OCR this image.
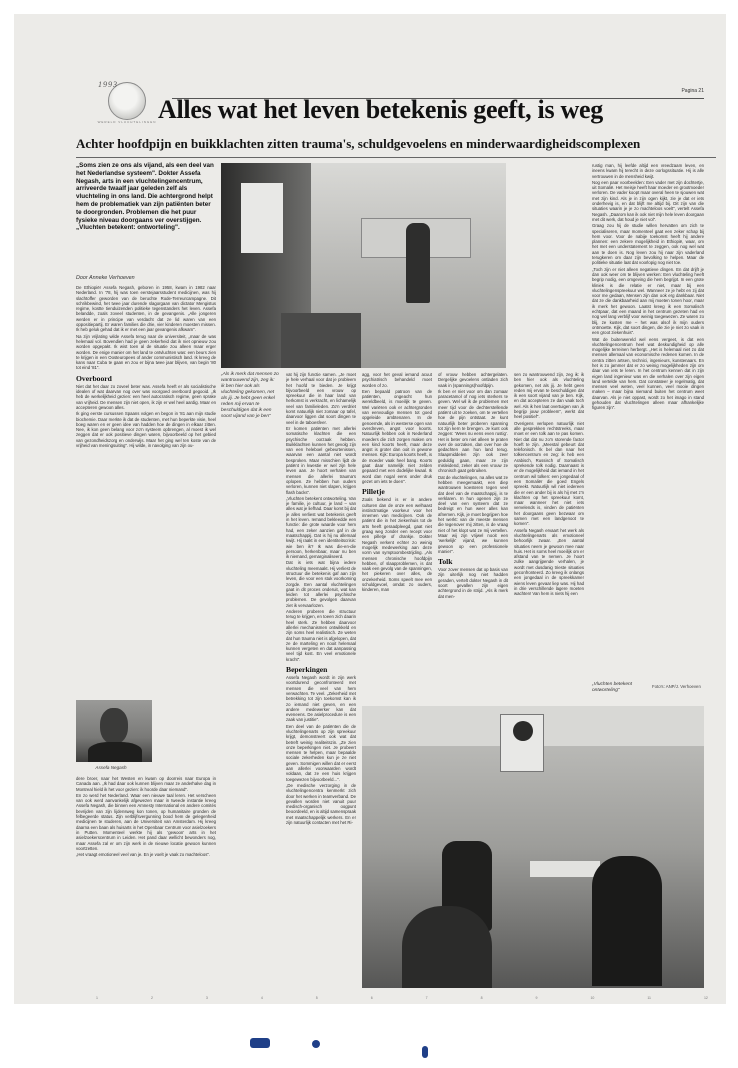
1993
WERELD VLUCHTELINGEN
Pagina 21
Alles wat het leven betekenis geeft, is weg
Achter hoofdpijn en buikklachten zitten trauma's, schuldgevoelens en minderwaardigheidscomplexen
„Soms zien ze ons als vijand, als een deel van het Nederlandse systeem". Dokter Assefa Negash, arts in een vluchtelingencentrum, arriveerde twaalf jaar geleden zelf als vluchteling in ons land. Die achtergrond helpt hem de problematiek van zijn patiënten beter te doorgronden. Problemen die het puur fysieke niveau doorgaans ver overstijgen. „Vluchten betekent: ontworteling".
Door Anneke Verhoeven

De Ethiopiër Assefa Negash, geboren in 1958, kwam in 1982 naar Nederland. In '78, hij was toen eerstejaarsstudent medicijnen, was hij slachtoffer geworden van de beruchte Rode-Terreurcampagne. Dit schrikbewind, het twee jaar durende slagorgaan van dictator Mengistus regime, kostte tienduizenden politieke tegenstanders het leven. Assefa belandde, zoals zoveel studenten, in de gevangenis. „Alle jongeren werden er in principe van verdacht dat ze lid waren van een oppositiepartij. Er waren families die drie, vier kinderen moesten missen. Ik heb geluk gehad dat ik er met een jaar gevangenis afkwam".

Na zijn vrijlating wilde Assefa terug naar de universiteit, „maar de was helemaal vol. Bovendien had je geen zekerheid dat ik niet opnieuw zou worden opgepakt. Ik wist toen al de situatie zou alleen maar erger worden. De enige manier om het land te ontvluchten was: een beurs zien te krijgen in een Oosteuropees of ander communistisch land. Ik kreeg de kans naar Cuba te gaan en zou er bijna twee jaar blijven, van begin '80 tot eind '81".

Overboord

Niet dat het daar zo zoveel beter was. Assefa heeft er als socialistische idealen of wat daarvan nog over was voorgoed overboord gegooid. „Ik heb de werkelijkheid gezien: een heel autocratisch regime, geen sprake van vrijheid. De mensen zijn niet open, ik zijn er wel heel aardig. Maar en accepteren gewoon alles.

Ik ging eerste cursussen Spaans volgen en begon in '81 aan mijn studie biochemie. Daar merkte ik dat de studenten, met hun beperkte visie, heel boeg waren en er geen idee van hadden hoe de dingen in elkaar zitten. Nee, ik kon geen belang voor zo'n systeem opbrengen, al moest ik wel zeggen dat er ook positieve dingen waren, bijvoorbeeld op het gebied van gezondheidszorg en onderwijs. Maar het ging wel ten koste van de vrijheid van meningsuiting". Hij wilde, in navolging van zijn ou-

Assefa Negash

dere broer, naar het Westen en kwam op doorreis naar Europa in Canada aan. „Ik had daar ook kunnen blijven maar ze anderhalve dag in Montreal hield ik het voor gezien: ik hoorde daar niemand".

En zo werd het Nederland. Waar een nieuwe taal leren. Het verscheen van ook werd aanvankelijk afgewezen maar in tweede instantie kreeg Assefa Negash, die binnen een Amnesty International en andere comités bevrijden van zijn lijdensweg kon tonen, op humanitaire gronden de felbegeerde status. Zijn verblijfsvergunning bood hem de gelegenheid medicijnen te studeren, aan de Universiteit van Amsterdam. Hij kreeg daarna een baan als huisarts in het Openbaar Centrum voor asielzoekers in Putten. Momenteel werkte hij als 'gewoon' arts in het asielzoekerscentrum in Leiden. Het pand daar wellicht bewonders nog, maar Assefa zal er om zijn werk in de nieuwe locatie gewoon kunnen voortzetten.

„Het vraagt emotioneel veel van je. En je voelt je vaak zo machteloos".

„Als ik merk dat mensen zo wantrouwend zijn, zeg ik: ik ben hier ook als vluchteling gekomen, net als jij. Je hebt geen enkel reden mij ervan te beschuldigen dat ik een soort vijand van je ben"

vat hij zijn functie samen. „Je moet je hele verhaal voor dat je probleem het hoofd te bieden. Je krijgt bijvoorbeeld een vrouw op spreekuur die in haar land van herkomst is verkracht, en lichamelijk veel van familieleden. Zo'n verdriet komt natuurlijk niet zomaar op tafel, daarvoor liggen dat soort dingen te veel in de taboesfeer.

Er komen patiënten met allerlei somatische klachten die een psychische oorzaak hebben. Buikklachten kunnen het gevolg zijn van een heleboel gebeurtenissen, waarvan een aantal niet wordt besproken. Maar misschien lijdt de patiënt in kwestie er wel zijn hele leven aan. Je hoort verhalen van mensen die allerlei trauma's oplopen. Ze hebben hun ouders verloren, kunnen niet slapen, krijgen flash backs".

„Vluchten betekent ontworteling. Van je familie, je cultuur, je land – van alles wat je liefhad. Daar komt bij dat je alles verliest wat betekenis geeft in het leven. Iemand bekleedde een functie: die grote waarde voor hem had, een zeker aanzien gaf in de maatschappij. Dat is hij nu allemaal kwijt. Hij raakt in een identiteitscrisis: wie ben ik? Ik was die-en-die persoon, herkenbaar, maar nu ben ik niemand, gemarginaliseerd.

Dat is iets wat bijna iedere vluchteling meemaakt. Hij verliest de structuur die betekenis gaf aan zijn leven, die voor een stuk voorkoming zorgde. Een aantal vluchtelingen gaat in dit proces onderuit, wat kan leiden tot allerlei psychische problemen. De gevolgen daarvan ziet ik vervaarlozen.

Anderen proberen die structuur terug te krijgen, en toeen zich daarin heel sterk. Ze hebben daarvoor allerlei mechanismen ontwikkeld en zijn soms heel realistisch. Ze weten dat hun trauma niet is afgelopen, dat ze de marteling en nooit helemaal kunnen vergeten en dat aanpassing veel tijd kost. En veel emotionele kracht".

Beperkingen

Assefa Negash wordt in zijn werk voortdurend geconfronteerd met mensen die veel van hem verwachten. Te veel. „Zekerheid met betrekking tot zijn toekomst kan ik zo iemand niet geven, en een andere medewerker kan dat eveneens. De asielprocedure is een zaak van justitie".

Een deel van de patiënten die de vluchtelingenarts op zijn spreekuur krijgt, demonstreert ook wat dat betreft weinig realiteitszin. „Ze zien onze beperkingen niet. Je probeert mensen te helpen, maar bepaalde sociale zekerheden kun je ze niet geven. Sommigen willen dat er eerst aan allerlei voorwaarden wordt voldaan, dat ze een huis krijgen toegewezen bijvoorbeeld...".

„De medische verzorging in de vluchtelingencentra kenmerkt zich door het werken in teamverband. De gevallen worden niet vanuit puur medisch-organisch oogpunt beoordeeld, en is altijd samenspraak met maatschappelijk werkers. En er zijn natuurlijk contacten met het Ri-

agg, voor het geval iemand acuut psychiatrisch behandeld moet worden of zo.

Een bepaald patroon van de patiënten, ongeacht hun wereldbeeld, is moeilijk te geven. Wel variëren ook er achtergronden van eenvoudige mensen tot goed opgeleide ambtenaren. In de genoemde, als in westerse ogen van overdreven, angst voor koorts. Natuurlijk hebben ook in Nederland moeders die zich zorgen maken om een kind koorts heeft, maar deze angst is groter dan ooit in gewone mensen. Kijk: Europa koorts heeft, is de moeder vaak heel bang. Koorts gaat daar namelijk niet zelden gepaard met een dodelijke kwaal. Ik word dan nogal eens onder druk gezet om iets te doen".

Pilletje

Zoals bekend is er in andere culturen dan de onze een welhaast instinctmatige voorkeur voor het innemen van medicijnen. Ook de patiënt die in het ziekenhuis tot de arts heeft geraadpleegd, gaat niet graag weg zonder een recept voor een pilletje of drankje. Dokter Negash verkent echter zo weinig mogelijk medewerking aan deze vorm van symptoombestrijding. „Als mensen chronische hoofdpijn hebben, of slaapproblemen, is dat vaak een gevolg van de spanningen, het piekeren over alles, de onzekerheid. Soms speelt mee een schuldgevoel, omdat zo ouders, kinderen, man

of vrouw hebben achtergelaten. Dergelijke gevoelens ontladen zich vaak in (spannings)hoofdpijn.

Ik ben er niet voor om dan zomaar paracetamol of nog iets sterkers te geven. Wel wil ik de problemen met meer tijd voor de dechterstellende patiënt uit te zoeken, om te vertellen hoe de pijn ontstaat. Je kunt natuurlijk beter proberen spanning tot zijn kern te brengen. Je kunt ook zeggen: ‘Wees nu eens even rustig’. Het is beter om niet alleen te praten over de oorzaken, dan over hoe de gedachten aan hun land terug. Slaapmiddelen zijn ook zeer geduldig gaan, maar ze zijn misleidend, zeker als een vrouw ze chronisch gaat gebruiken.

Dat de vluchtelingen, na alles wat ze hebben meegemaakt, een diep wantrouwen koesteren tegen veel dat deel van de maatschappij, is te verklaren. In hun ogenen zijn ze deel van een systeem dat ze bedreigt en hun weer alles kan afnemen. Kijk, je moet begrijpen hoe het werkt: van de meeste mensen die tegenover mij zitten, is de vraag niet of het klopt wat ze mij vertellen. Maar wij zijn vrijwel nooit een ‘werkelijk’ vijand, we kunnen gewoon op een professionele manier".

Tolk

Voor zover mensen dat op basis van zijn uiterlijk nog niet hadden geraden, vertelt dokter Negash in dit soort gevallen zijn eigen achtergrond in de strijd. „Als ik merk dat men-

sen zo wantrouwend zijn, zeg ik: ik ben hier ook als vluchteling gekomen, net als jij. Je hebt geen reden mij ervan te beschuldigen dat ik een soort vijand van je ben. Kijk, en dat accepteren ze dan vaak toch wel. Als ik hen laat overtuigen van ‚ik begrijp jouw probleem", werkt dat heel positief".

Overigens verlopen natuurlijk niet alle gesprekken rechtstreeks, maar moet er een tolk aan te pas komen. Niet dat dat nu zo'n storende factor hoeft te zijn. „Meestal gebeurt dat telefonisch. Ik bel dan naar het tolkencentrum en zeg: ik heb een Arabisch, Russisch of Somalisch sprekende tolk nodig. Daarnaast is er de mogelijkheid dat iemand in het centrum wil tolken: een jongedaal of een Somaliër die goed Engels spreekt. Natuurlijk wil niet iedereen die er een ander bij is als hij met z'n klachten op het spreekuur komt, maar wanneer het niet iets vervelends is, vinden de patiënten het doorgaans geen bezwaar om samen met een landgenoot te komen".

Assefa Negash ervaart het werk als vluchtelingenarts als emotioneel behoorlijk zwaar. „Een aantal situaties neem je gewoon mee naar huis. Het is soms heel moeilijk om er afstand van te nemen. Je hoort zulke aangrijpende verhalen, je wordt met dusdanig trieste situaties geconfronteerd. Zo kreeg ik onlangs een jongedaal in de spreekkamer wiens leven gevaar liep was. Hij had in drie verschillende lagere moeten wachten! Van hem is niets hij een

rustig man, hij leefde altijd een vreedzaam leven, en ineens kwam hij terecht in deze oorlogssituatie. Hij is alle vertrouwen in de mensheid kwijt.

Nog een paar voorbeelden: Een vader met zijn dochtertje, uit Somalië. Het meisje heeft haar moeder en grootmoeder verloren. De vader koopt maar overal heen te sjouwen wat met zijn kind. Als je in zijn ogen kijkt, zie je dat er iets onderhevig is, en dat blijft me altijd bij. Dit zijn van die situaties waarin je je zo machteloos voelt", vertelt Assefa Negash. „Daarom kan ik ook niet mijn hele leven doorgaan met dit werk, dat houd je niet vol".

Graag zou hij de studie willen hervatten om zich te specialiseren, maar momenteel gaat een zeker schap bij hem voor. Voor de nabije toekomst heeft hij andere plannen: een zekere mogelijkheid in Ethiopië, waar, om het met een understatement te zeggen, ook nog wel wat aan te doen is. Nog leven zou hij naar zijn vaderland terugkeren om daar zijn bevolking te helpen. Maar de politieke situatie laat dat voorlopig nog niet toe.

„Toch zijn er niet alleen negatieve dingen. En dat drijft je dan ook weer om te blijven werken: Een vluchteling heeft begrip nodig, een omgeving die hem begrijpt. In een grote kliniek is die relatie er niet, maar bij een vluchtelingenspreekuur wel. Wanneer ze je hebt en zij dat voor me gedaan, Mensen zijn dan ook erg dankbaar. Niet dat ze die dankbaarheid aan mij moeten tonen hoor, maar ik merk het gewoon. Laatst kreeg ik een Somalisch echtpaar, dat een maand in het centrum gezeten had en nog wel lang verblijf voor weinig toegewezen. Ze waren zo blij, ze kusten me – het was alsof ik mijn ouders ontmoette. Kijk, dat soort dingen, die zie je niet zo vaak in een groot ziekenhuis".

Wat de buitenwereld wel eens vergeet, is dat een vluchtelingencentrum heel wat deskundigheid op alle mogelijke terreinen herbergt. „Het is helemaal niet zo dat mensen allemaal van economische redenen komen. In de centra zitten artsen, technici, ingenieurs, kunstenaars. En het is zo jammer dat er zo weinig mogelijkheden zijn om daar van iets te leren. In het centrum kennen dat in zijn eigen land ingenieur was en die verhalen over zijn eigen land vertelde van hem. Dat constateer je regelmatig, dat mensen veel weten, veel kunnen, veel mooie dingen maken – maar bijna niemand buiten het centrum weet daarvan. Als je niet oppast, wordt zo het imago in stand gehouden dat vluchtelingen alleen maar afhankelijke figuren zijn".

„Vluchten betekent ontworteling"
Foto's: ANP/J. Verhoeven
1	2	3	4	5	6	7	8	9	10	11	12
